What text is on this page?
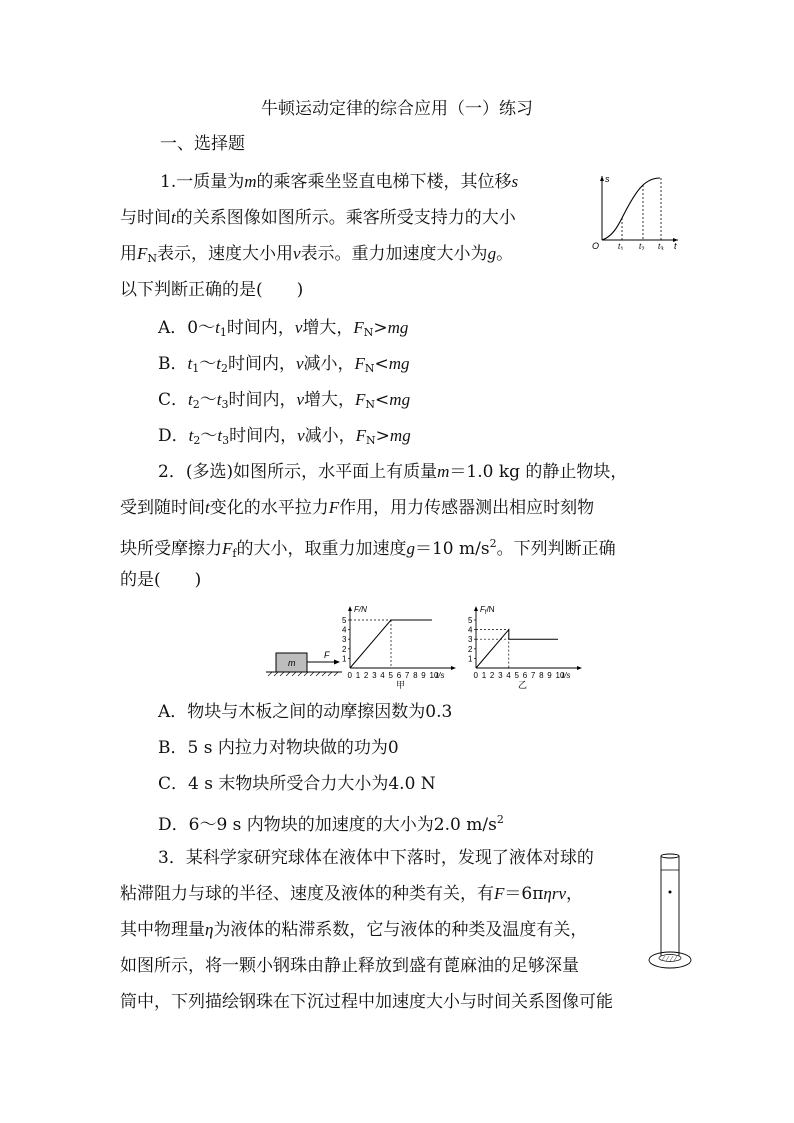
牛顿运动定律的综合应用（一）练习
一、选择题
1.一质量为m的乘客乘坐竖直电梯下楼，其位移s
与时间t的关系图像如图所示。乘客所受支持力的大小
用$F_N$表示，速度大小用v表示。重力加速度大小为g。
以下判断正确的是(　　)
A．$0\sim t_1$时间内，v增大，$F_N>mg$
B．$t_1\sim t_2$时间内，v减小，$F_N<mg$
C．$t_2\sim t_3$时间内，v增大，$F_N<mg$
D．$t_2\sim t_3$时间内，v减小，$F_N>mg$
s
t
O $t_1$ $t_2$ $t_3$
2．(多选)如图所示，水平面上有质量m＝1.0 kg 的静止物块，
受到随时间t变化的水平拉力F作用，用力传感器测出相应时刻物
块所受摩擦力$F_f$的大小，取重力加速度g＝10 $m/s^2$。下列判断正确
的是(　　)
m
F
F/N
1
2
3
4
5
0 1 2 3 4 5 6 7 8 9 10
t/s
甲
$F_f/N$
1
2
3
4
5
0 1 2 3 4 5 6 7 8 9 10
t/s
乙
A．物块与木板之间的动摩擦因数为0.3
B．5 s 内拉力对物块做的功为0
C．4 s 末物块所受合力大小为4.0 N
D．6～9 s 内物块的加速度的大小为2.0 $m/s^2$
3．某科学家研究球体在液体中下落时，发现了液体对球的
粘滞阻力与球的半径、速度及液体的种类有关，有F＝6πηrv，
其中物理量η为液体的粘滞系数，它与液体的种类及温度有关，
如图所示，将一颗小钢珠由静止释放到盛有蓖麻油的足够深量
筒中，下列描绘钢珠在下沉过程中加速度大小与时间关系图像可能
